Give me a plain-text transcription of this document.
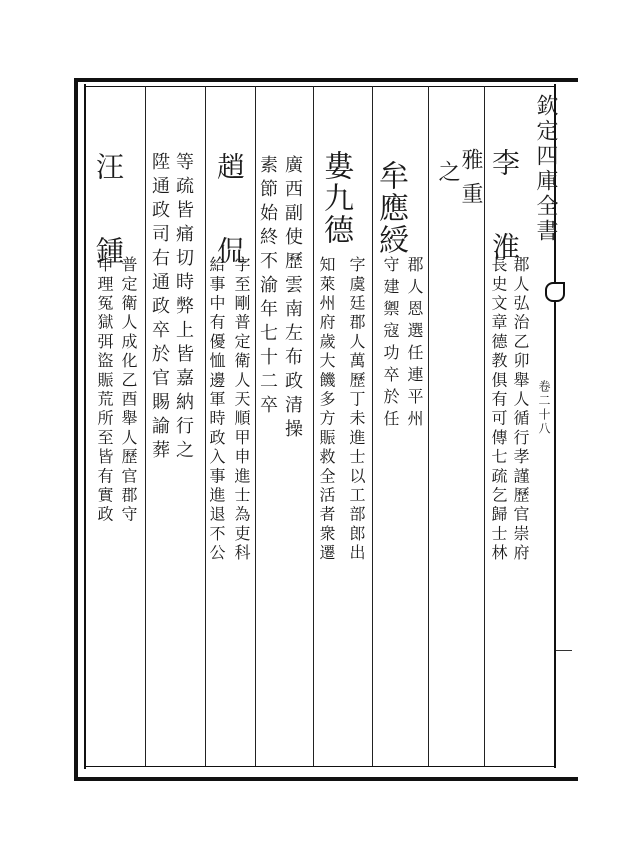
欽定四庫全書
卷二十八
李　淮
郡人弘治乙卯舉人循行孝謹歷官崇府
長史文章德教俱有可傳七疏乞歸士林
雅重
之
牟應綬
郡人恩選任連平州
守建禦寇功卒於任
婁九德
字虞廷郡人萬歷丁未進士以工部郎出
知萊州府歲大饑多方賑救全活者衆遷
廣西副使歷雲南左布政清操
素節始終不渝年七十二卒
趙　侃
字至剛普定衛人天順甲申進士為吏科
給事中有優恤邊軍時政入事進退不公
等疏皆痛切時弊上皆嘉納行之
陞通政司右通政卒於官賜諭葬
汪　鍾
普定衛人成化乙酉舉人歷官郡守
申理冤獄弭盜賑荒所至皆有實政
